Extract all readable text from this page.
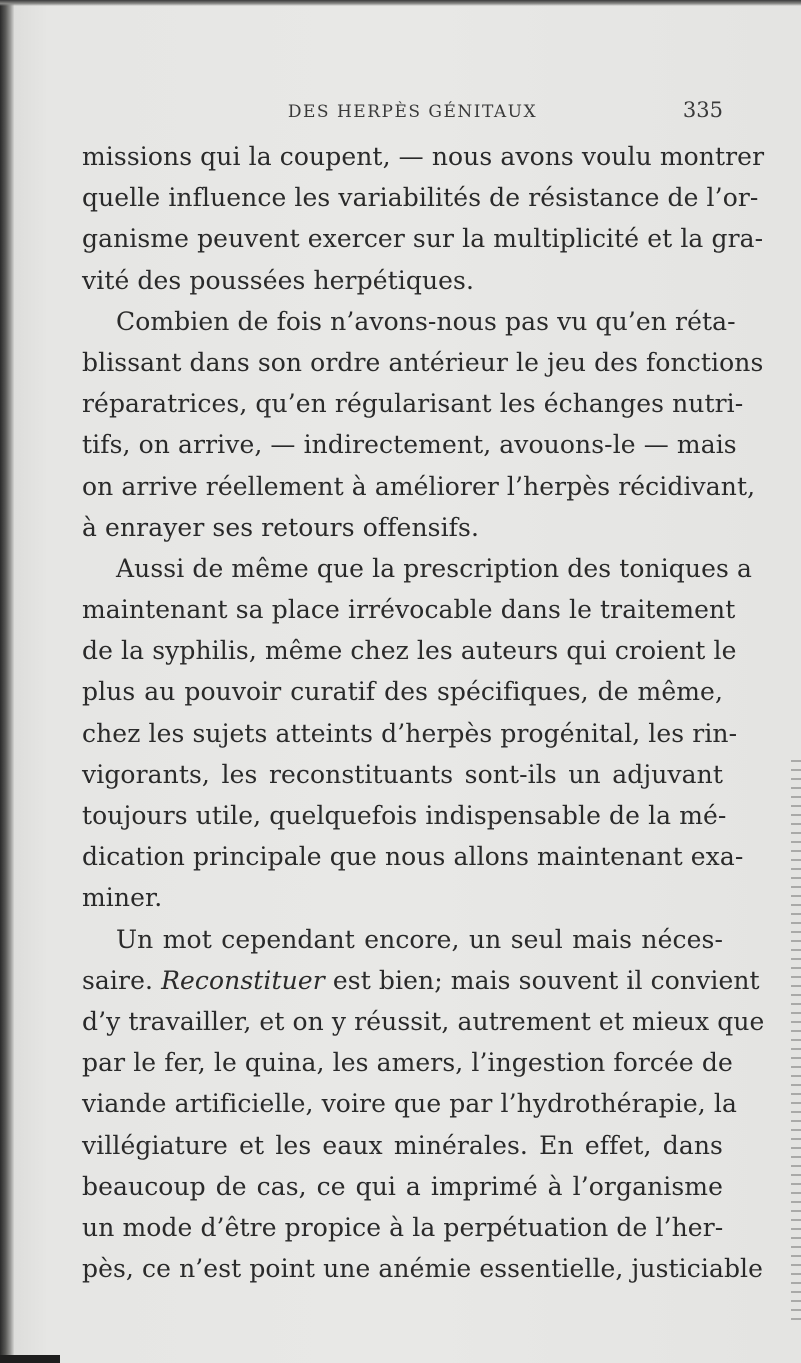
DES HERPÈS GÉNITAUX	335
missions qui la coupent, — nous avons voulu montrer
quelle influence les variabilités de résistance de l’or-
ganisme peuvent exercer sur la multiplicité et la gra-
vité des poussées herpétiques.
Combien de fois n’avons-nous pas vu qu’en réta-
blissant dans son ordre antérieur le jeu des fonctions
réparatrices, qu’en régularisant les échanges nutri-
tifs, on arrive, — indirectement, avouons-le — mais
on arrive réellement à améliorer l’herpès récidivant,
à enrayer ses retours offensifs.
Aussi de même que la prescription des toniques a
maintenant sa place irrévocable dans le traitement
de la syphilis, même chez les auteurs qui croient le
plus au pouvoir curatif des spécifiques, de même,
chez les sujets atteints d’herpès progénital, les rin-
vigorants, les reconstituants sont-ils un adjuvant
toujours utile, quelquefois indispensable de la mé-
dication principale que nous allons maintenant exa-
miner.
Un mot cependant encore, un seul mais néces-
saire. Reconstituer est bien; mais souvent il convient
d’y travailler, et on y réussit, autrement et mieux que
par le fer, le quina, les amers, l’ingestion forcée de
viande artificielle, voire que par l’hydrothérapie, la
villégiature et les eaux minérales. En effet, dans
beaucoup de cas, ce qui a imprimé à l’organisme
un mode d’être propice à la perpétuation de l’her-
pès, ce n’est point une anémie essentielle, justiciable
